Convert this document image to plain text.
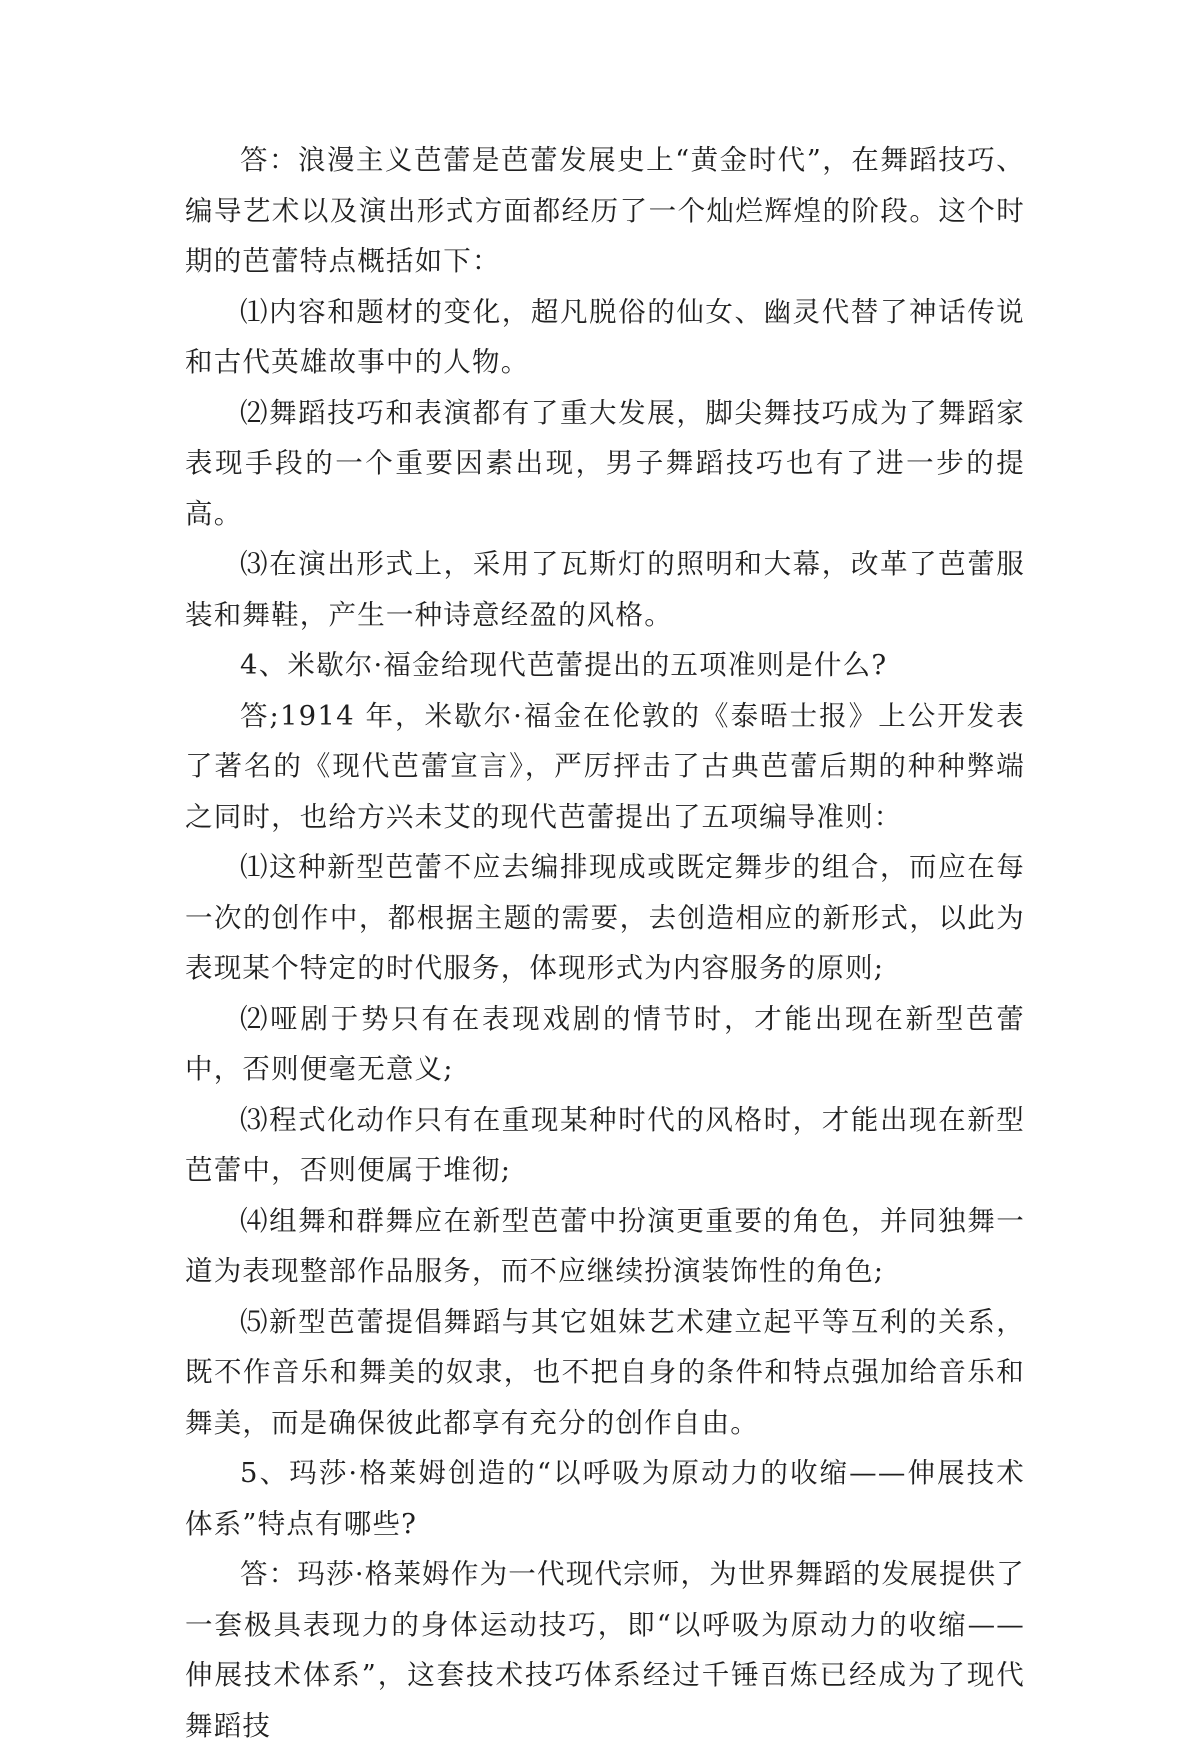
答：浪漫主义芭蕾是芭蕾发展史上“黄金时代”，在舞蹈技巧、编导艺术以及演出形式方面都经历了一个灿烂辉煌的阶段。这个时期的芭蕾特点概括如下：

⑴内容和题材的变化，超凡脱俗的仙女、幽灵代替了神话传说和古代英雄故事中的人物。

⑵舞蹈技巧和表演都有了重大发展，脚尖舞技巧成为了舞蹈家表现手段的一个重要因素出现，男子舞蹈技巧也有了进一步的提高。

⑶在演出形式上，采用了瓦斯灯的照明和大幕，改革了芭蕾服装和舞鞋，产生一种诗意经盈的风格。

4、米歇尔·福金给现代芭蕾提出的五项准则是什么?

答;1914 年，米歇尔·福金在伦敦的《泰晤士报》上公开发表了著名的《现代芭蕾宣言》，严厉抨击了古典芭蕾后期的种种弊端之同时，也给方兴未艾的现代芭蕾提出了五项编导准则：

⑴这种新型芭蕾不应去编排现成或既定舞步的组合，而应在每一次的创作中，都根据主题的需要，去创造相应的新形式，以此为表现某个特定的时代服务，体现形式为内容服务的原则;

⑵哑剧于势只有在表现戏剧的情节时，才能出现在新型芭蕾中，否则便毫无意义;

⑶程式化动作只有在重现某种时代的风格时，才能出现在新型芭蕾中，否则便属于堆彻;

⑷组舞和群舞应在新型芭蕾中扮演更重要的角色，并同独舞一道为表现整部作品服务，而不应继续扮演装饰性的角色;

⑸新型芭蕾提倡舞蹈与其它姐妹艺术建立起平等互利的关系，既不作音乐和舞美的奴隶，也不把自身的条件和特点强加给音乐和舞美，而是确保彼此都享有充分的创作自由。

5、玛莎·格莱姆创造的“以呼吸为原动力的收缩——伸展技术体系”特点有哪些?

答：玛莎·格莱姆作为一代现代宗师，为世界舞蹈的发展提供了一套极具表现力的身体运动技巧，即“以呼吸为原动力的收缩——伸展技术体系”，这套技术技巧体系经过千锤百炼已经成为了现代舞蹈技
